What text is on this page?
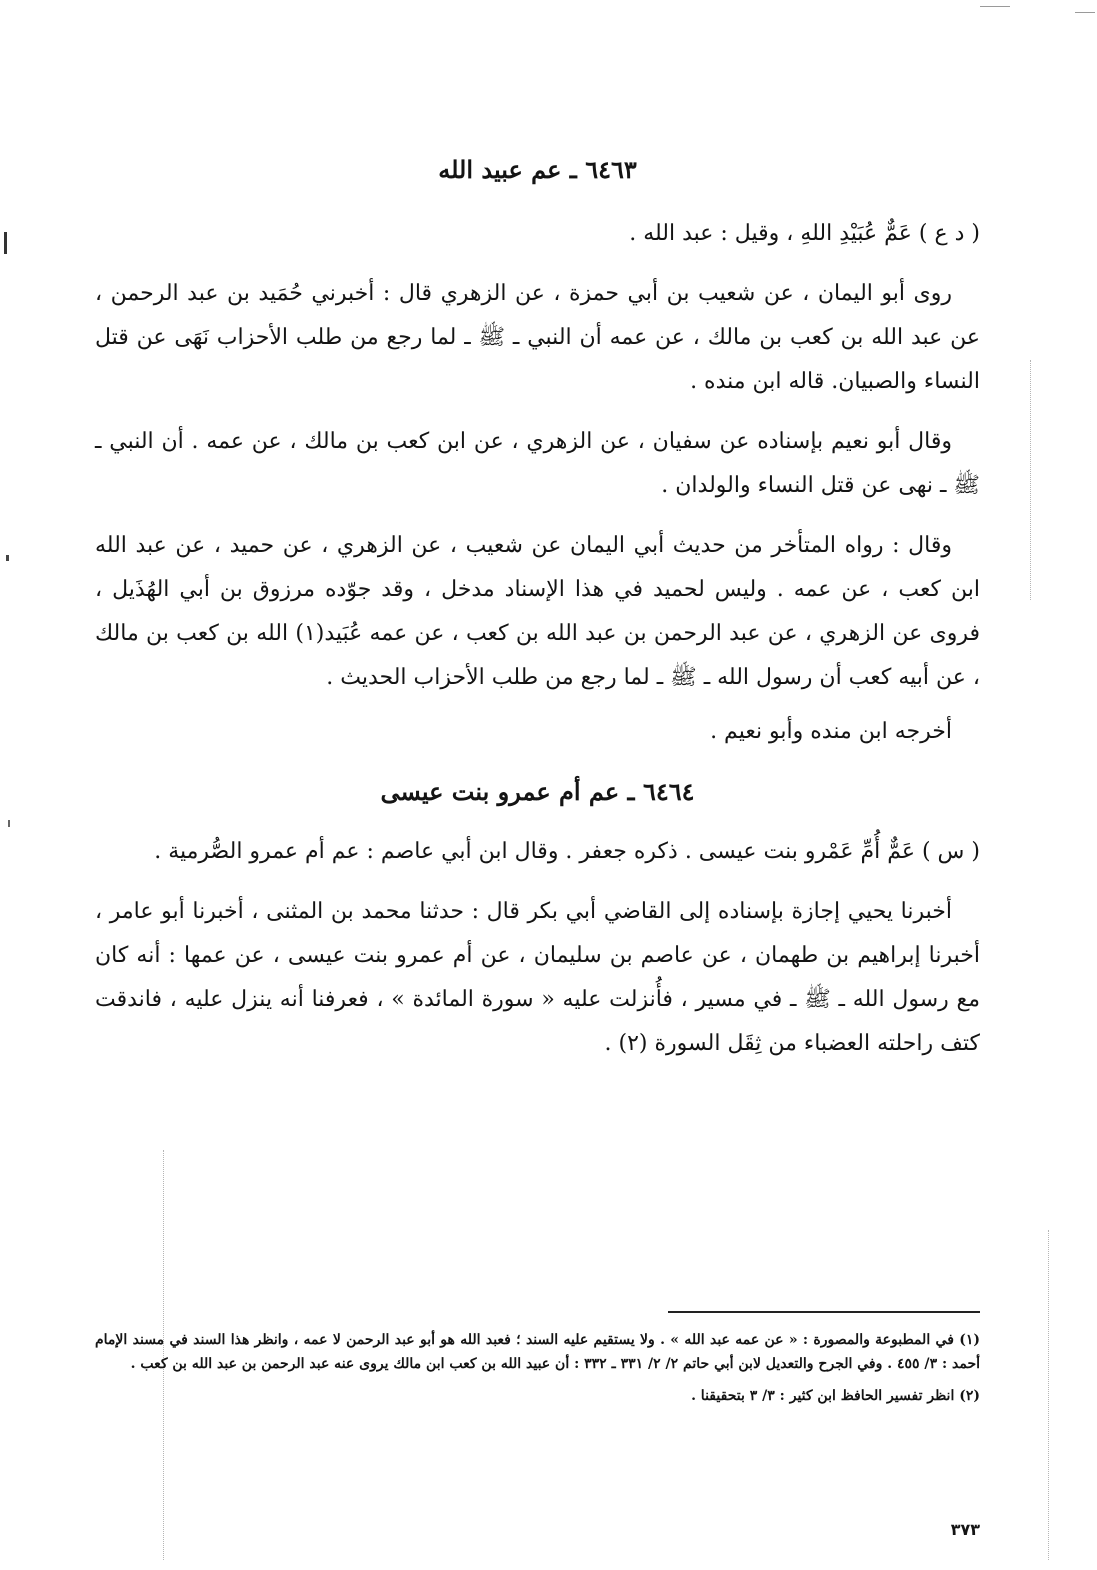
٦٤٦٣ ـ عم عبيد الله

( د ع ) عَمٌّ عُبَيْدِ اللهِ ، وقيل : عبد الله .

روى أبو اليمان ، عن شعيب بن أبي حمزة ، عن الزهري قال : أخبرني حُمَيد بن عبد الرحمن ، عن عبد الله بن كعب بن مالك ، عن عمه أن النبي ـ ﷺ ـ لما رجع من طلب الأحزاب نَهَى عن قتل النساء والصبيان. قاله ابن منده .

وقال أبو نعيم بإسناده عن سفيان ، عن الزهري ، عن ابن كعب بن مالك ، عن عمه . أن النبي ـ ﷺ ـ نهى عن قتل النساء والولدان .

وقال : رواه المتأخر من حديث أبي اليمان عن شعيب ، عن الزهري ، عن حميد ، عن عبد الله ابن كعب ، عن عمه . وليس لحميد في هذا الإسناد مدخل ، وقد جوّده مرزوق بن أبي الهُذَيل ، فروى عن الزهري ، عن عبد الرحمن بن عبد الله بن كعب ، عن عمه عُبَيد(١) الله بن كعب بن مالك ، عن أبيه كعب أن رسول الله ـ ﷺ ـ لما رجع من طلب الأحزاب الحديث .

أخرجه ابن منده وأبو نعيم .

٦٤٦٤ ـ عم أم عمرو بنت عيسى

( س ) عَمٌّ أُمِّ عَمْرو بنت عيسى . ذكره جعفر . وقال ابن أبي عاصم : عم أم عمرو الصُّرمية .

أخبرنا يحيي إجازة بإسناده إلى القاضي أبي بكر قال : حدثنا محمد بن المثنى ، أخبرنا أبو عامر ، أخبرنا إبراهيم بن طهمان ، عن عاصم بن سليمان ، عن أم عمرو بنت عيسى ، عن عمها : أنه كان مع رسول الله ـ ﷺ ـ في مسير ، فأُنزلت عليه « سورة المائدة » ، فعرفنا أنه ينزل عليه ، فاندقت كتف راحلته العضباء من ثِقَل السورة (٢) .

(١) في المطبوعة والمصورة : « عن عمه عبد الله » . ولا يستقيم عليه السند ؛ فعبد الله هو أبو عبد الرحمن لا عمه ، وانظر هذا السند في مسند الإمام أحمد : ٣/ ٤٥٥ . وفي الجرح والتعديل لابن أبي حاتم ٢/ ٢/ ٣٣١ ـ ٣٣٢ : أن عبيد الله بن كعب ابن مالك يروى عنه عبد الرحمن بن عبد الله بن كعب .

(٢) انظر تفسير الحافظ ابن كثير : ٣/ ٣ بتحقيقنا .

٣٧٣
